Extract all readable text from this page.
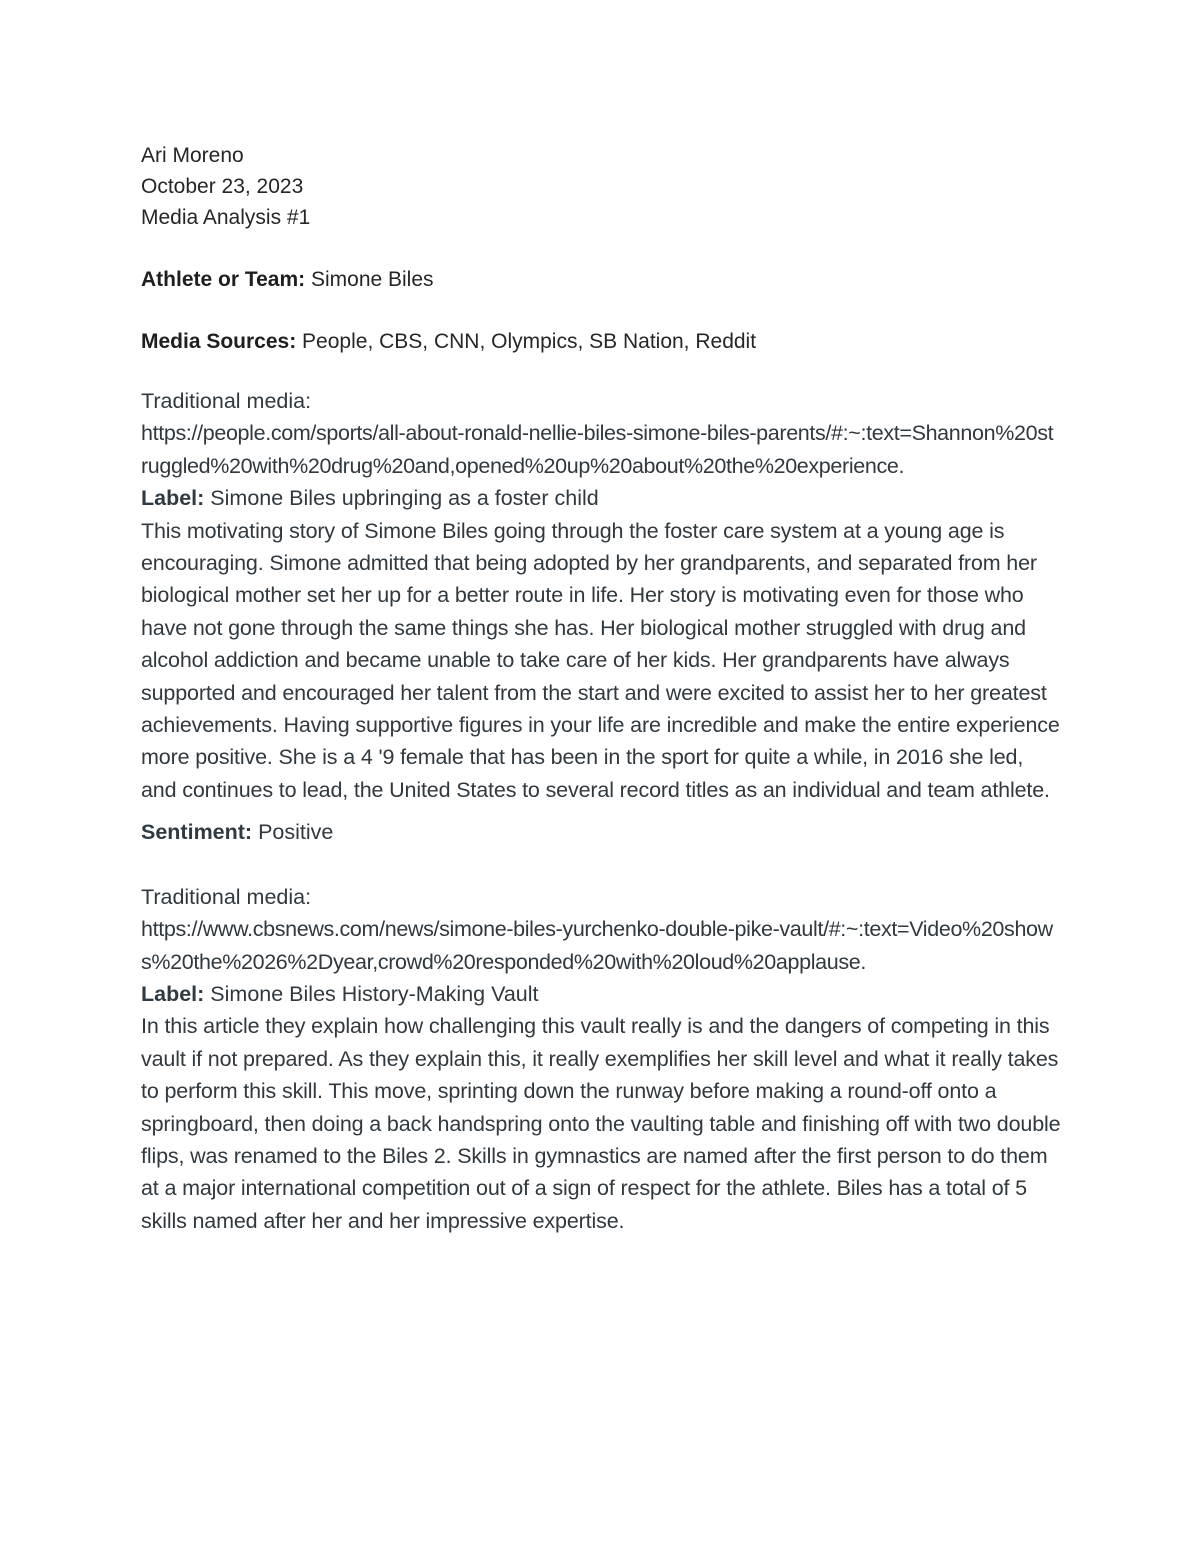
Ari Moreno

October 23, 2023

Media Analysis #1

Athlete or Team: Simone Biles

Media Sources: People, CBS, CNN, Olympics, SB Nation, Reddit

Traditional media:

https://people.com/sports/all-about-ronald-nellie-biles-simone-biles-parents/#:~:text=Shannon%20struggled%20with%20drug%20and,opened%20up%20about%20the%20experience.

Label: Simone Biles upbringing as a foster child

This motivating story of Simone Biles going through the foster care system at a young age is encouraging. Simone admitted that being adopted by her grandparents, and separated from her biological mother set her up for a better route in life. Her story is motivating even for those who have not gone through the same things she has. Her biological mother struggled with drug and alcohol addiction and became unable to take care of her kids. Her grandparents have always supported and encouraged her talent from the start and were excited to assist her to her greatest achievements. Having supportive figures in your life are incredible and make the entire experience more positive. She is a 4 '9 female that has been in the sport for quite a while, in 2016 she led, and continues to lead, the United States to several record titles as an individual and team athlete.

Sentiment: Positive

Traditional media:

https://www.cbsnews.com/news/simone-biles-yurchenko-double-pike-vault/#:~:text=Video%20shows%20the%2026%2Dyear,crowd%20responded%20with%20loud%20applause.

Label: Simone Biles History-Making Vault

In this article they explain how challenging this vault really is and the dangers of competing in this vault if not prepared. As they explain this, it really exemplifies her skill level and what it really takes to perform this skill. This move, sprinting down the runway before making a round-off onto a springboard, then doing a back handspring onto the vaulting table and finishing off with two double flips, was renamed to the Biles 2. Skills in gymnastics are named after the first person to do them at a major international competition out of a sign of respect for the athlete. Biles has a total of 5 skills named after her and her impressive expertise.
